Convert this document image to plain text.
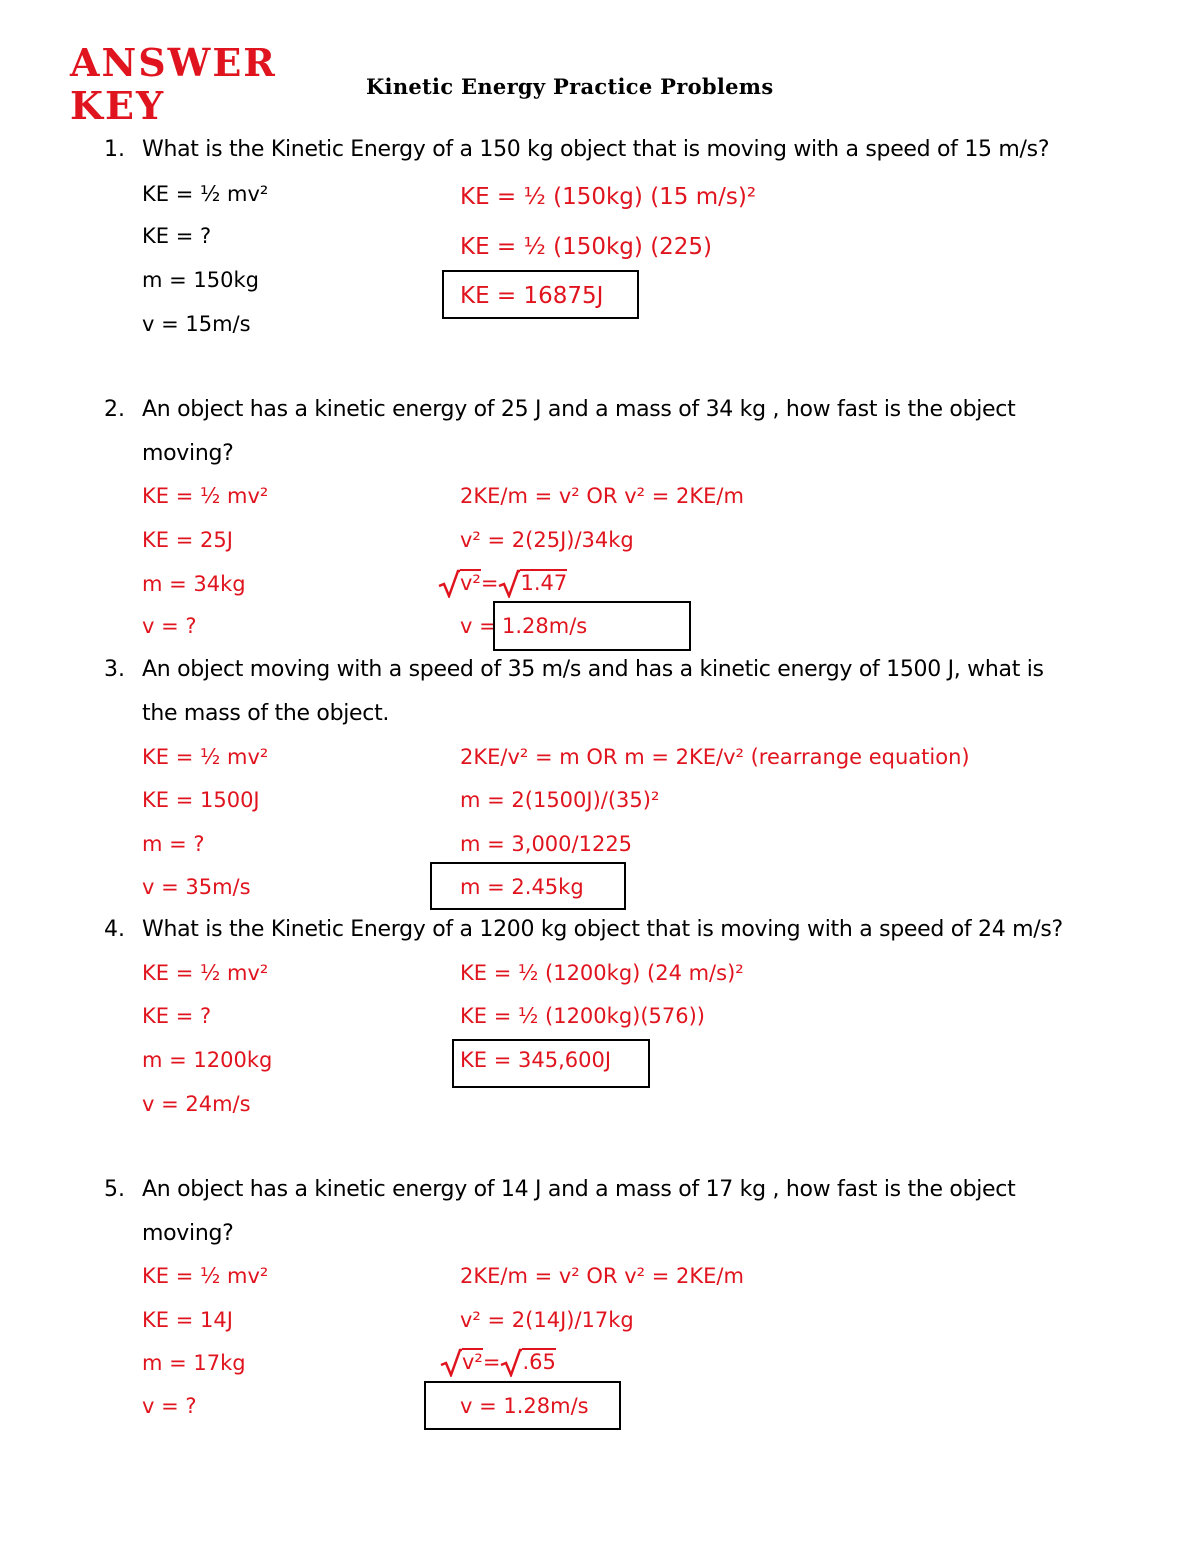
ANSWER
KEY	Kinetic Energy Practice Problems
1. What is the Kinetic Energy of a 150 kg object that is moving with a speed of 15 m/s?
KE = ½ mv²
KE = ?
m = 150kg
v = 15m/s
KE = ½ (150kg) (15 m/s)²
KE = ½ (150kg) (225)
KE = 16875J
2. An object has a kinetic energy of 25 J and a mass of 34 kg , how fast is the object
moving?
KE = ½ mv²
KE = 25J
m = 34kg
v = ?
2KE/m = v² OR v² = 2KE/m
v² = 2(25J)/34kg
v²= 1.47
v = 1.28m/s
3. An object moving with a speed of 35 m/s and has a kinetic energy of 1500 J, what is
the mass of the object.
KE = ½ mv²
KE = 1500J
m = ?
v = 35m/s
2KE/v² = m OR m = 2KE/v² (rearrange equation)
m = 2(1500J)/(35)²
m = 3,000/1225
m = 2.45kg
4. What is the Kinetic Energy of a 1200 kg object that is moving with a speed of 24 m/s?
KE = ½ mv²
KE = ?
m = 1200kg
v = 24m/s
KE = ½ (1200kg) (24 m/s)²
KE = ½ (1200kg)(576))
KE = 345,600J
5. An object has a kinetic energy of 14 J and a mass of 17 kg , how fast is the object
moving?
KE = ½ mv²
KE = 14J
m = 17kg
v = ?
2KE/m = v² OR v² = 2KE/m
v² = 2(14J)/17kg
v²= .65
v = 1.28m/s
